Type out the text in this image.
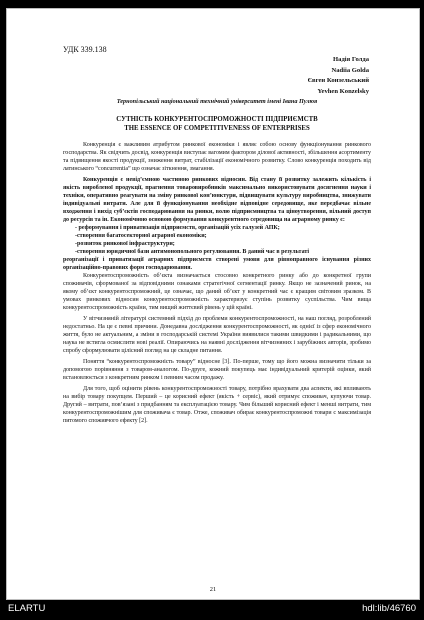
УДК 339.138
Надія Голда
Nadiia Golda
Євген Конзельський
Yevhen Konzelsky
Тернопільський національний технічний університет імені Івана Пулюя
СУТНІСТЬ КОНКУРЕНТОСПРОМОЖНОСТІ ПІДПРИЄМСТВ
THE ESSENCE OF COMPETITIVENESS OF ENTERPRISES

Конкуренція є важливим атрибутом ринкової економіки і являє собою основу функціонування ринкового господарства. Як свідчить досвід, конкуренція виступає вагомим фактором ділової активності, збільшення асортименту та підвищення якості продукції, зниження витрат, стабілізації економічного розвитку. Слово конкуренція походить від латинського “concurrentia” що означає зіткнення, змагання.

Конкуренція є невід’ємною частиною ринкових відносин. Від стану її розвитку залежить кількість і якість виробленої продукції, прагнення товаровиробників максимально використовувати досягнення науки і техніки, оперативно реагувати на зміну ринкової кон’юнктури, підвищувати культуру виробництва, знижувати індивідуальні витрати. Але для її функціонування необхідне відповідне середовище, яке передбачає вільне входження і вихід суб’єктів господарювання на ринки, волю підприємництва та ціноутворення, вільний доступ до ресурсів та ін. Економічною основою формування конкурентного середовища на аграрному ринку є:

- реформування і приватизація підприємств, організацій усіх галузей АПК;
-створення багатосекторної аграрної економіки;
-розвиток ринкової інфраструктури;
-створення юридичної бази антимонопольного регулювання. В даний час в результаті

реорганізації і приватизації аграрних підприємств створені умови для рівноправного існування різних організаційно-правових форм господарювання.

Конкурентоспроможність об’єкта визначається стосовно конкретного ринку або до конкретної групи споживачів, сформованої за відповідними ознаками стратегічної сегментації ринку. Якщо не зазначений ринок, на якому об’єкт конкурентоспроможний, це означає, що даний об’єкт у конкретний час є кращим світовим зразком. В умовах ринкових відносин конкурентоспроможність характеризує ступінь розвитку суспільства. Чим вища конкурентоспроможність країни, тим вищий життєвий рівень у цій країні.

У вітчизняній літературі системний підхід до проблеми конкурентоспроможності, на наш погляд, розроблений недостатньо. На це є певні причини. Донедавна дослідження конкурентоспроможності, як однієї із сфер економічного життя, було не актуальним, а зміни в господарській системі України виявилися такими швидкими і радикальними, що наука не встигла осмислити нові реалії. Опираючись на наявні дослідження вітчизняних і зарубіжних авторів, зробимо спробу сформулювати цілісний погляд на це складне питання.

Поняття “конкурентоспроможність товару” відносне [3]. По-перше, тому що його можна визначити тільки за допомогою порівняння з товаром-аналогом. По-друге, кожний покупець має індивідуальний критерій оцінки, який встановлюється з конкретним ринком і певним часом продажу.

Для того, щоб оцінити рівень конкурентоспроможності товару, потрібно врахувати два аспекти, які впливають на вибір товару покупцем. Перший – це корисний ефект (якість + сервіс), який отримує споживач, купуючи товар. Другий – витрати, пов’язані з придбанням та експлуатацією товару. Чим більший корисний ефект і менші витрати, тим конкурентоспроможнішим для споживача є товар. Отже, споживач обирає конкурентоспроможні товари с максимізація питомого споживчого ефекту [2].

21
ELARTU	hdl:lib/46760
